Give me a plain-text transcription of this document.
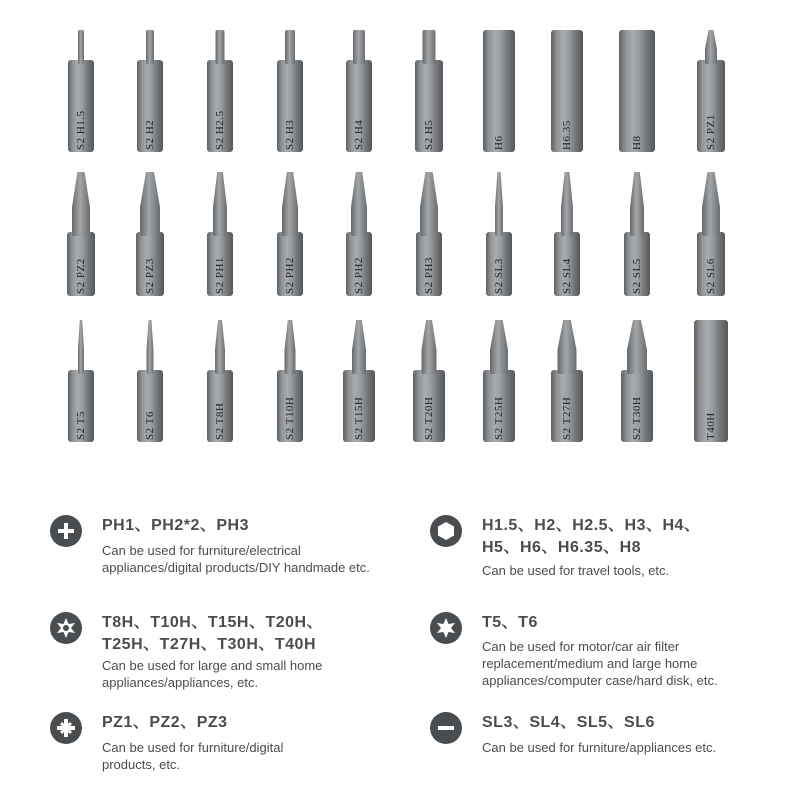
S2 H1.5	S2 H2	S2 H2.5	S2 H3	S2 H4	S2 H5	H6	H6.35	H8	S2 PZ1
S2 PZ2	S2 PZ3	S2 PH1	S2 PH2	S2 PH2	S2 PH3	S2 SL3	S2 SL4	S2 SL5	S2 SL6
S2 T5	S2 T6	S2 T8H	S2 T10H	S2 T15H	S2 T20H	S2 T25H	S2 T27H	S2 T30H	T40H
PH1、PH2*2、PH3
Can be used for furniture/electrical
appliances/digital products/DIY handmade etc.
H1.5、H2、H2.5、H3、H4、
H5、H6、H6.35、H8
Can be used for travel tools, etc.
T8H、T10H、T15H、T20H、
T25H、T27H、T30H、T40H
Can be used for large and small home
appliances/appliances, etc.
T5、T6
Can be used for motor/car air filter
replacement/medium and large home
appliances/computer case/hard disk, etc.
PZ1、PZ2、PZ3
Can be used for furniture/digital
products, etc.
SL3、SL4、SL5、SL6
Can be used for furniture/appliances etc.
